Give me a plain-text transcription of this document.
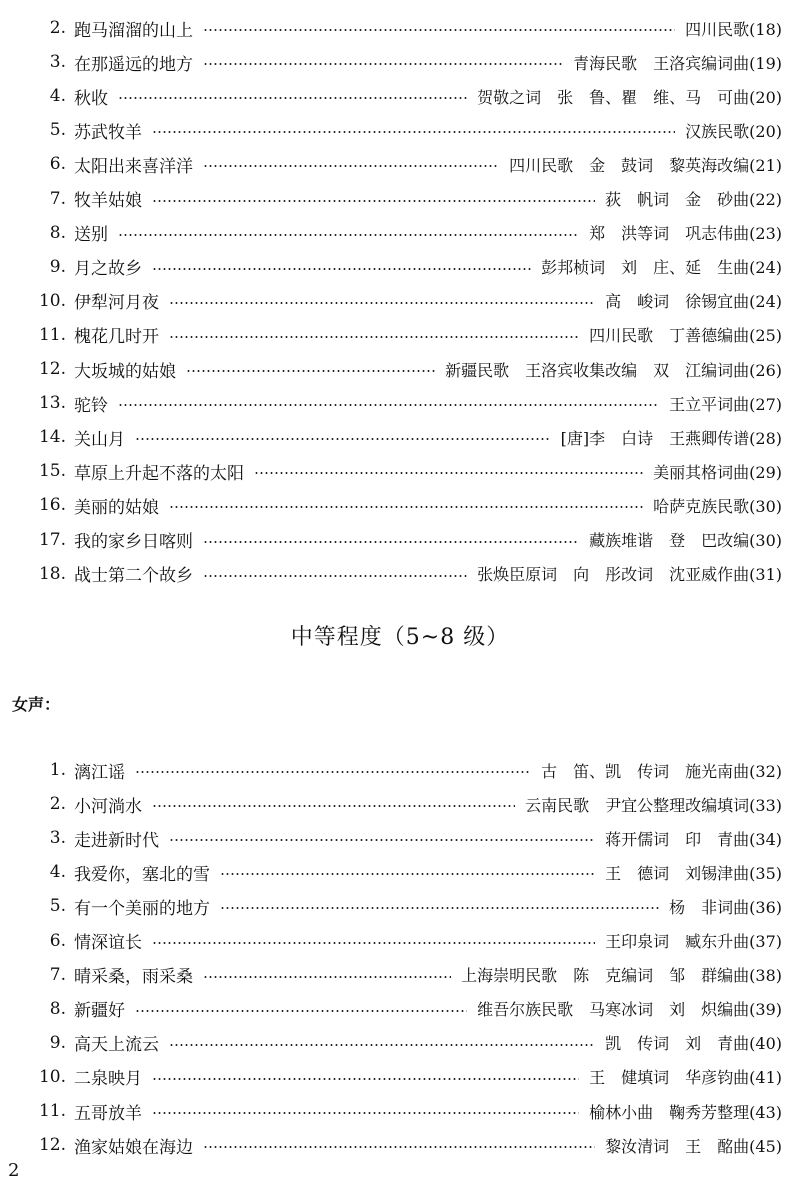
2. 跑马溜溜的山上	四川民歌(18)
3. 在那遥远的地方	青海民歌　王洛宾编词曲(19)
4. 秋收	贺敬之词　张　鲁、瞿　维、马　可曲(20)
5. 苏武牧羊	汉族民歌(20)
6. 太阳出来喜洋洋	四川民歌　金　鼓词　黎英海改编(21)
7. 牧羊姑娘	荻　帆词　金　砂曲(22)
8. 送别	郑　洪等词　巩志伟曲(23)
9. 月之故乡	彭邦桢词　刘　庄、延　生曲(24)
10. 伊犁河月夜	高　峻词　徐锡宜曲(24)
11. 槐花几时开	四川民歌　丁善德编曲(25)
12. 大坂城的姑娘	新疆民歌　王洛宾收集改编　双　江编词曲(26)
13. 驼铃	王立平词曲(27)
14. 关山月	[唐]李　白诗　王燕卿传谱(28)
15. 草原上升起不落的太阳	美丽其格词曲(29)
16. 美丽的姑娘	哈萨克族民歌(30)
17. 我的家乡日喀则	藏族堆谐　登　巴改编(30)
18. 战士第二个故乡	张焕臣原词　向　彤改词　沈亚威作曲(31)
中等程度（5~8 级）
女声：
1. 漓江谣	古　笛、凯　传词　施光南曲(32)
2. 小河淌水	云南民歌　尹宜公整理改编填词(33)
3. 走进新时代	蒋开儒词　印　青曲(34)
4. 我爱你，塞北的雪	王　德词　刘锡津曲(35)
5. 有一个美丽的地方	杨　非词曲(36)
6. 情深谊长	王印泉词　臧东升曲(37)
7. 晴采桑，雨采桑	上海崇明民歌　陈　克编词　邹　群编曲(38)
8. 新疆好	维吾尔族民歌　马寒冰词　刘　炽编曲(39)
9. 高天上流云	凯　传词　刘　青曲(40)
10. 二泉映月	王　健填词　华彦钧曲(41)
11. 五哥放羊	榆林小曲　鞠秀芳整理(43)
12. 渔家姑娘在海边	黎汝清词　王　酩曲(45)
2
